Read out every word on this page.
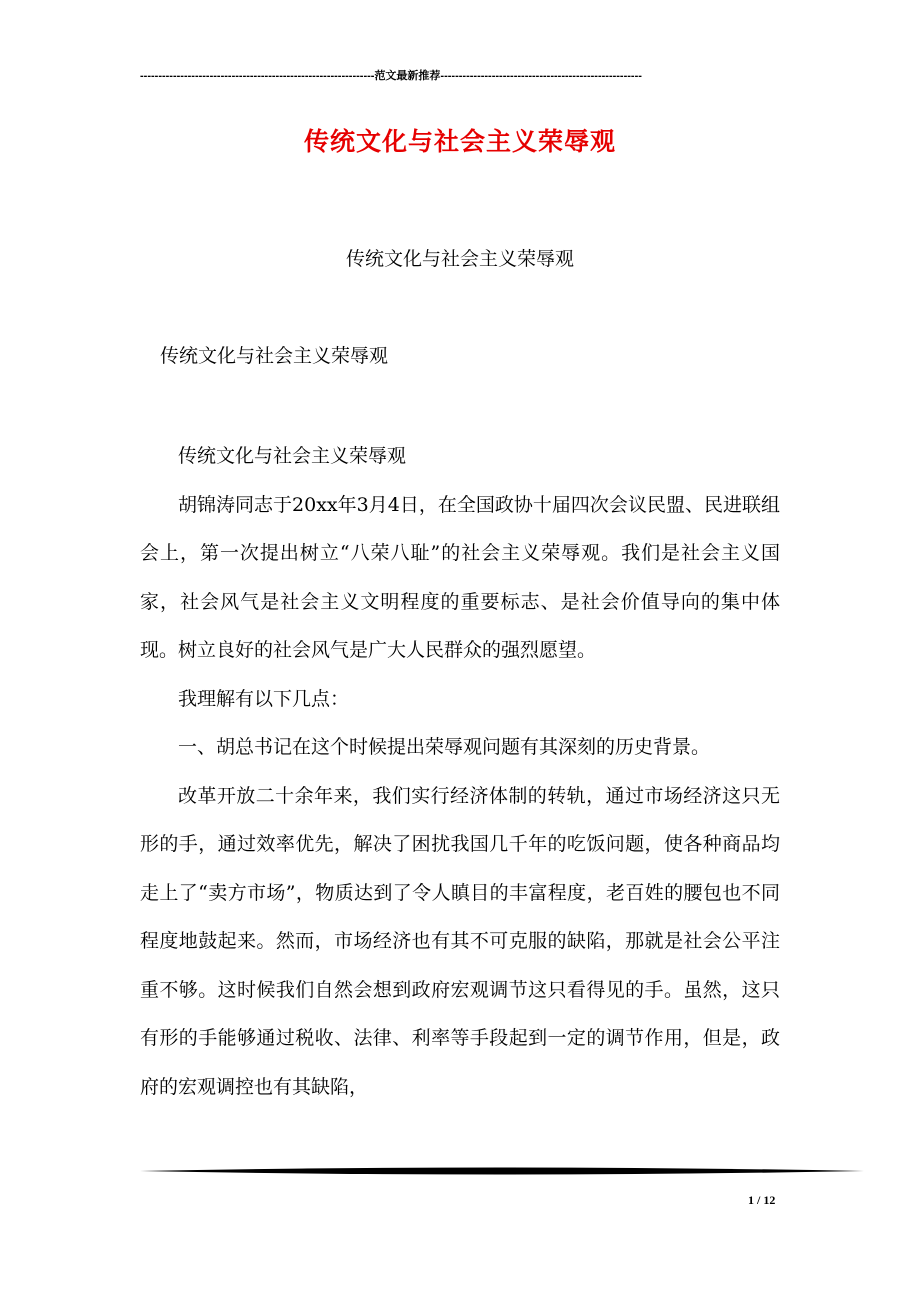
----------------------------------------------------------------范文最新推荐-------------------------------------------------------
传统文化与社会主义荣辱观
传统文化与社会主义荣辱观
传统文化与社会主义荣辱观

传统文化与社会主义荣辱观

胡锦涛同志于20xx年3月4日，在全国政协十届四次会议民盟、民进联组会上，第一次提出树立“八荣八耻”的社会主义荣辱观。我们是社会主义国家，社会风气是社会主义文明程度的重要标志、是社会价值导向的集中体现。树立良好的社会风气是广大人民群众的强烈愿望。

我理解有以下几点：

一、胡总书记在这个时候提出荣辱观问题有其深刻的历史背景。

改革开放二十余年来，我们实行经济体制的转轨，通过市场经济这只无形的手，通过效率优先，解决了困扰我国几千年的吃饭问题，使各种商品均走上了“卖方市场”，物质达到了令人瞋目的丰富程度，老百姓的腰包也不同程度地鼓起来。然而，市场经济也有其不可克服的缺陷，那就是社会公平注重不够。这时候我们自然会想到政府宏观调节这只看得见的手。虽然，这只有形的手能够通过税收、法律、利率等手段起到一定的调节作用，但是，政府的宏观调控也有其缺陷，

1 / 12
